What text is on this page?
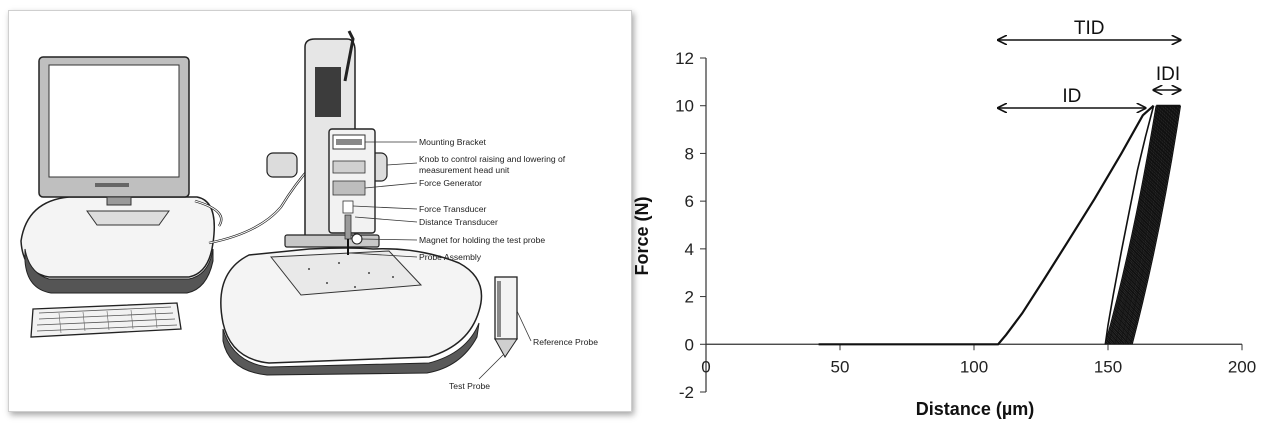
Mounting Bracket
Knob to control raising and lowering of
measurement head unit
Force Generator
Force Transducer
Distance Transducer
Magnet for holding the test probe
Probe Assembly
Reference Probe
Test Probe	-2
0
2
4
6
8
10
12
0	50	100	150	200
TID
ID
IDI
Distance (µm)
Force (N)
